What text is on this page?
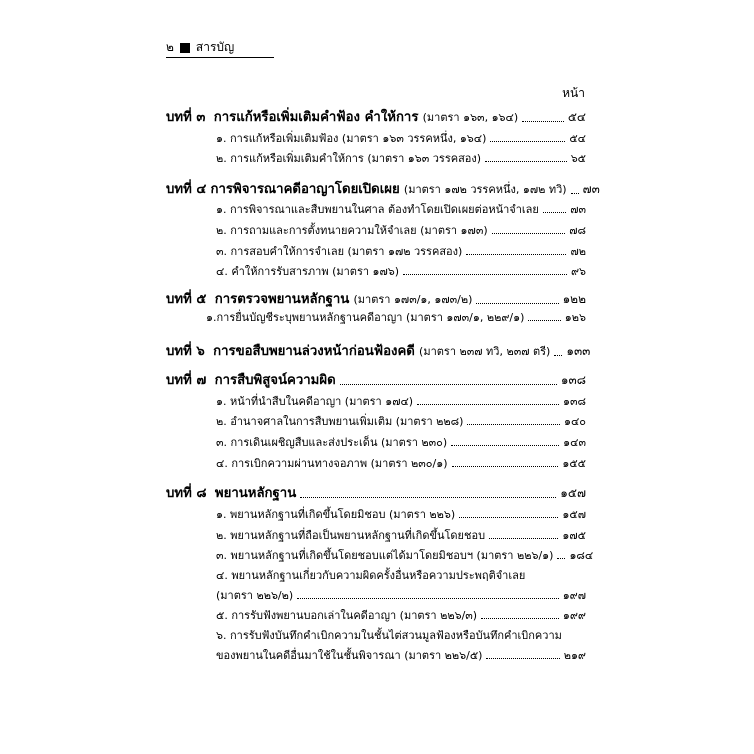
๒ สารบัญ
หน้า
บทที่ ๓ การแก้หรือเพิ่มเติมคำฟ้อง คำให้การ (มาตรา ๑๖๓, ๑๖๔)	๕๔
๑. การแก้หรือเพิ่มเติมฟ้อง (มาตรา ๑๖๓ วรรคหนึ่ง, ๑๖๔)	๕๔
๒. การแก้หรือเพิ่มเติมคำให้การ (มาตรา ๑๖๓ วรรคสอง)	๖๕
บทที่ ๔ การพิจารณาคดีอาญาโดยเปิดเผย (มาตรา ๑๗๒ วรรคหนึ่ง, ๑๗๒ ทวิ) ๗๓
๑. การพิจารณาและสืบพยานในศาล ต้องทำโดยเปิดเผยต่อหน้าจำเลย	๗๓
๒. การถามและการตั้งทนายความให้จำเลย (มาตรา ๑๗๓)	๗๘
๓. การสอบคำให้การจำเลย (มาตรา ๑๗๒ วรรคสอง)	๗๒
๔. คำให้การรับสารภาพ (มาตรา ๑๗๖)	๙๖
บทที่ ๕ การตรวจพยานหลักฐาน (มาตรา ๑๗๓/๑, ๑๗๓/๒)	๑๒๒
๑.การยื่นบัญชีระบุพยานหลักฐานคดีอาญา (มาตรา ๑๗๓/๑, ๒๒๙/๑)	๑๒๖
บทที่ ๖ การขอสืบพยานล่วงหน้าก่อนฟ้องคดี (มาตรา ๒๓๗ ทวิ, ๒๓๗ ตรี) ๑๓๓
บทที่ ๗ การสืบพิสูจน์ความผิด	๑๓๘
๑. หน้าที่นำสืบในคดีอาญา (มาตรา ๑๗๔)	๑๓๘
๒. อำนาจศาลในการสืบพยานเพิ่มเติม (มาตรา ๒๒๘)	๑๔๐
๓. การเดินเผชิญสืบและส่งประเด็น (มาตรา ๒๓๐)	๑๔๓
๔. การเบิกความผ่านทางจอภาพ (มาตรา ๒๓๐/๑)	๑๕๕
บทที่ ๘ พยานหลักฐาน	๑๕๗
๑. พยานหลักฐานที่เกิดขึ้นโดยมิชอบ (มาตรา ๒๒๖)	๑๕๗
๒. พยานหลักฐานที่ถือเป็นพยานหลักฐานที่เกิดขึ้นโดยชอบ	๑๗๕
๓. พยานหลักฐานที่เกิดขึ้นโดยชอบแต่ได้มาโดยมิชอบฯ (มาตรา ๒๒๖/๑) ๑๘๔
๔. พยานหลักฐานเกี่ยวกับความผิดครั้งอื่นหรือความประพฤติจำเลย
(มาตรา ๒๒๖/๒)	๑๙๗
๕. การรับฟังพยานบอกเล่าในคดีอาญา (มาตรา ๒๒๖/๓)	๑๙๙
๖. การรับฟังบันทึกคำเบิกความในชั้นไต่สวนมูลฟ้องหรือบันทึกคำเบิกความ
ของพยานในคดีอื่นมาใช้ในชั้นพิจารณา (มาตรา ๒๒๖/๕)	๒๑๙
